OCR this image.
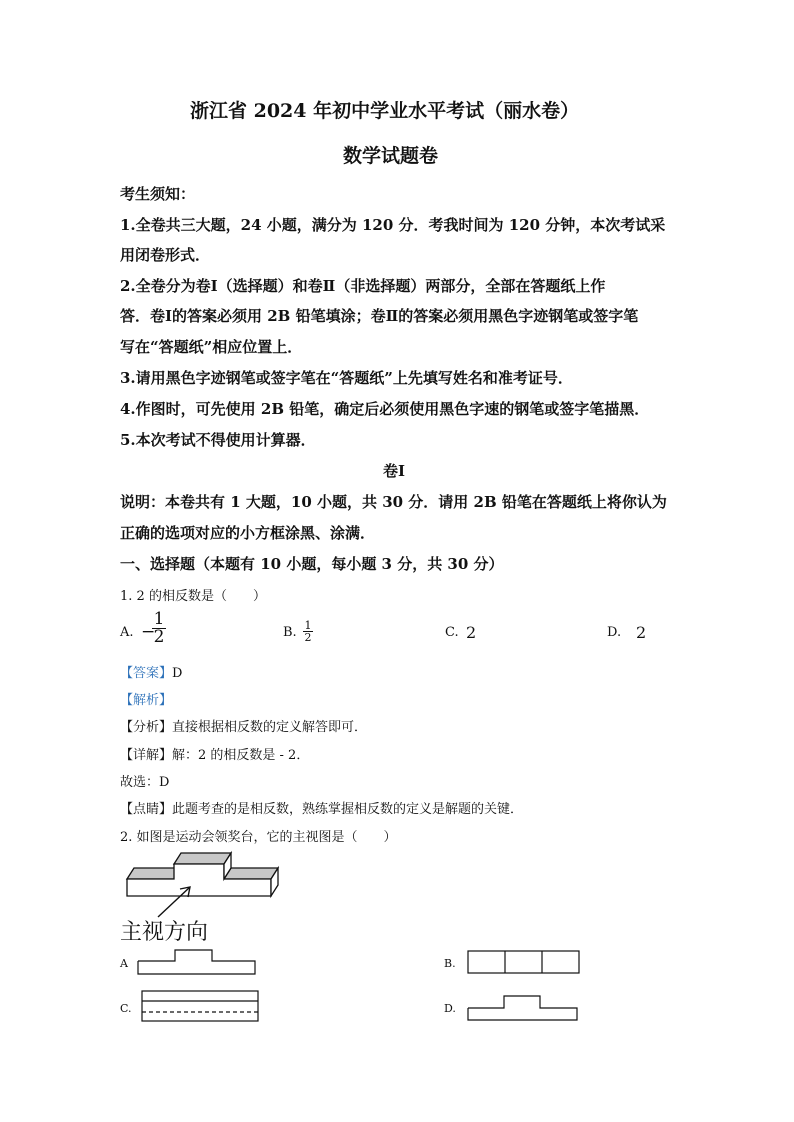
浙江省 2024 年初中学业水平考试（丽水卷）
数学试题卷
考生须知：
1.全卷共三大题，24 小题，满分为 120 分．考我时间为 120 分钟，本次考试采
用闭卷形式．
2.全卷分为卷Ⅰ（选择题）和卷Ⅱ（非选择题）两部分，全部在答题纸上作
答．卷Ⅰ的答案必须用 2B 铅笔填涂；卷Ⅱ的答案必须用黑色字迹钢笔或签字笔
写在“答题纸”相应位置上．
3.请用黑色字迹钢笔或签字笔在“答题纸”上先填写姓名和准考证号．
4.作图时，可先使用 2B 铅笔，确定后必须使用黑色字速的钢笔或签字笔描黑．
5.本次考试不得使用计算器．
卷Ⅰ
说明：本卷共有 1 大题，10 小题，共 30 分．请用 2B 铅笔在答题纸上将你认为
正确的选项对应的小方框涂黑、涂满．
一、选择题（本题有 10 小题，每小题 3 分，共 30 分）
1. 2 的相反数是（　　）
A. −
1
2	B. 1
2	C. 2	D. 2
【答案】D
【解析】
【分析】直接根据相反数的定义解答即可．
【详解】解：2 的相反数是 - 2．
故选：D
【点睛】此题考查的是相反数，熟练掌握相反数的定义是解题的关键．
2. 如图是运动会领奖台，它的主视图是（　　）
主视方向
A	B.
C.	D.
